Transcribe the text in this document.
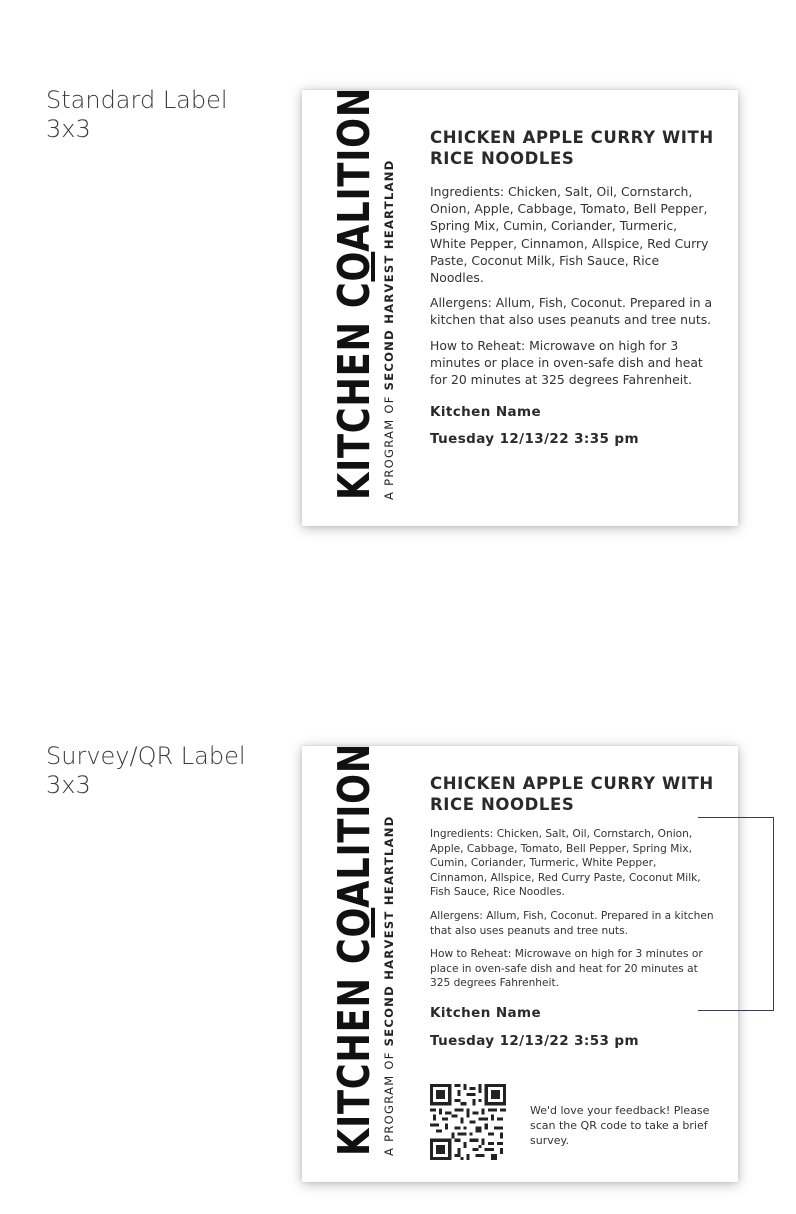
Standard Label
3x3
KITCHEN COALITION
A PROGRAM OF SECOND HARVEST HEARTLAND
CHICKEN APPLE CURRY WITH RICE NOODLES
Ingredients: Chicken, Salt, Oil, Cornstarch, Onion, Apple, Cabbage, Tomato, Bell Pepper, Spring Mix, Cumin, Coriander, Turmeric, White Pepper, Cinnamon, Allspice, Red Curry Paste, Coconut Milk, Fish Sauce, Rice Noodles.
Allergens: Allum, Fish, Coconut. Prepared in a kitchen that also uses peanuts and tree nuts.
How to Reheat: Microwave on high for 3 minutes or place in oven-safe dish and heat for 20 minutes at 325 degrees Fahrenheit.
Kitchen Name
Tuesday 12/13/22 3:35 pm
Survey/QR Label
3x3
KITCHEN COALITION
A PROGRAM OF SECOND HARVEST HEARTLAND
CHICKEN APPLE CURRY WITH RICE NOODLES
Ingredients: Chicken, Salt, Oil, Cornstarch, Onion, Apple, Cabbage, Tomato, Bell Pepper, Spring Mix, Cumin, Coriander, Turmeric, White Pepper, Cinnamon, Allspice, Red Curry Paste, Coconut Milk, Fish Sauce, Rice Noodles.
Allergens: Allum, Fish, Coconut. Prepared in a kitchen that also uses peanuts and tree nuts.
How to Reheat: Microwave on high for 3 minutes or place in oven-safe dish and heat for 20 minutes at 325 degrees Fahrenheit.
Kitchen Name
Tuesday 12/13/22 3:53 pm
We'd love your feedback! Please scan the QR code to take a brief survey.
